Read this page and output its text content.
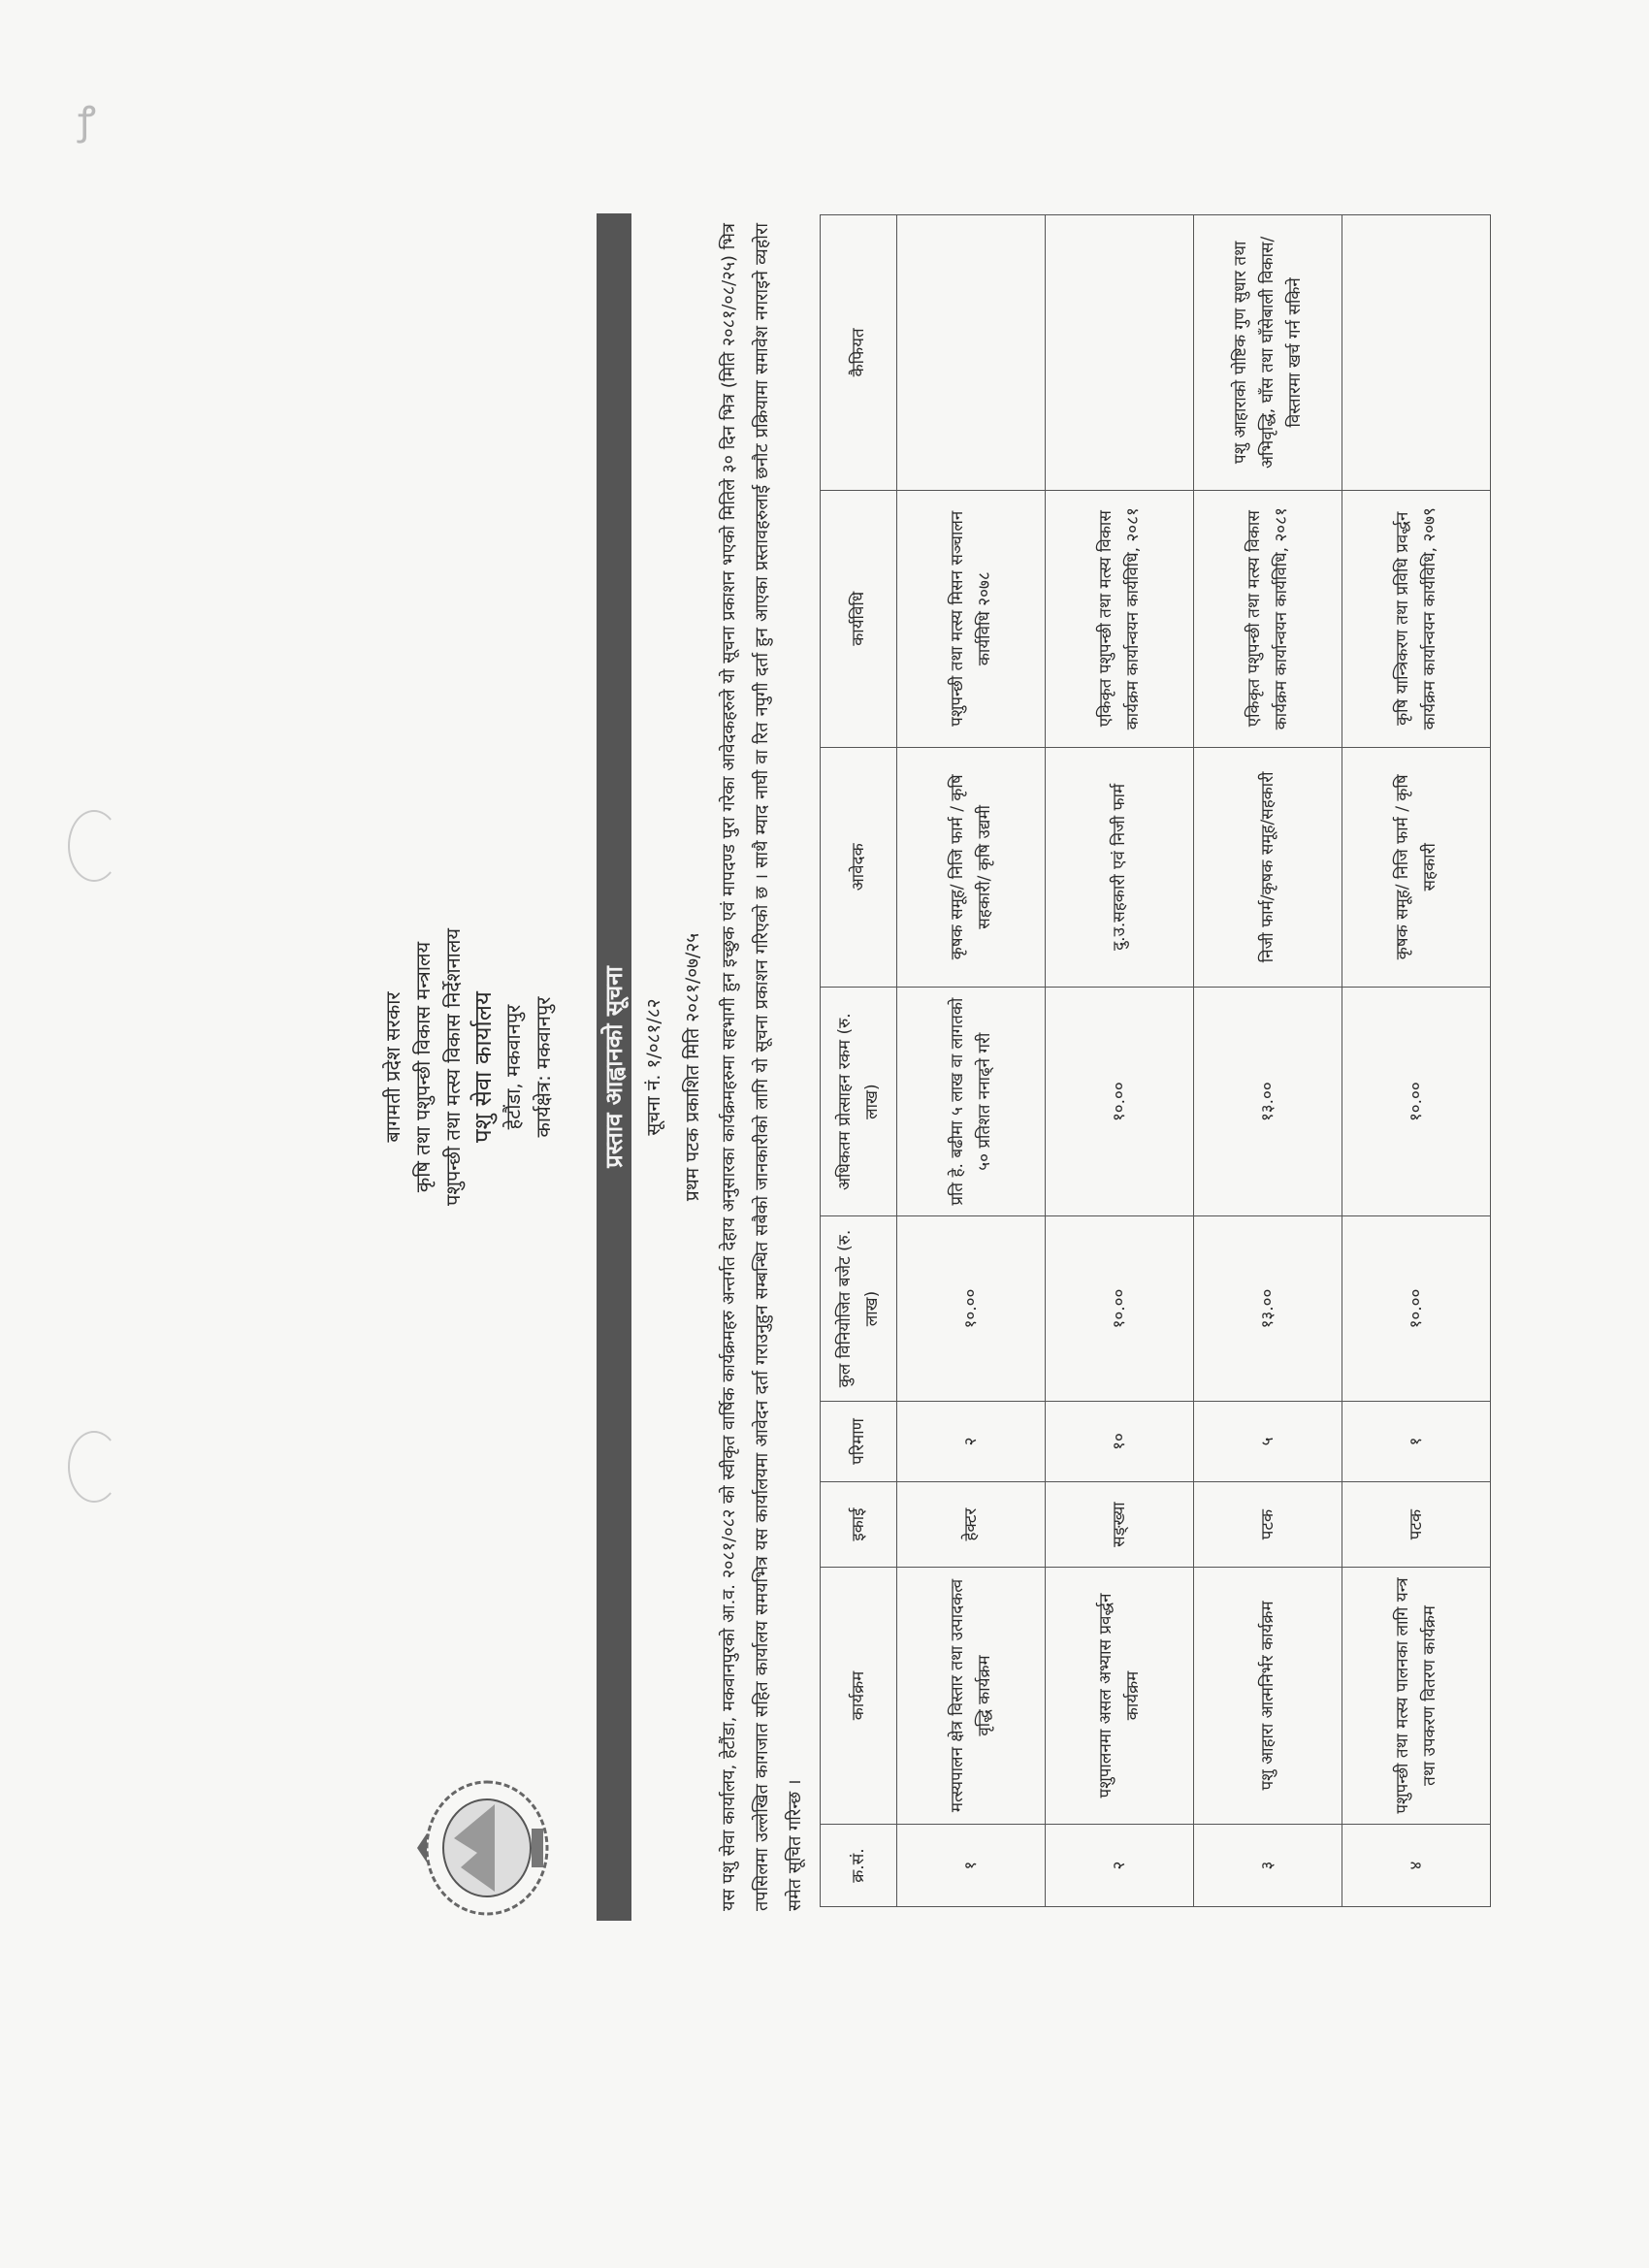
ꝭ
बागमती प्रदेश सरकार कृषि तथा पशुपन्छी विकास मन्त्रालय पशुपन्छी तथा मत्स्य विकास निर्देशनालय पशु सेवा कार्यालय हेटौंडा, मकवानपुर कार्यक्षेत्र: मकवानपुर प्रस्ताव आह्वानको सूचना सूचना नं. १/०८१/८२ प्रथम पटक प्रकाशित मिति २०८१/०७/२५ यस पशु सेवा कार्यालय, हेटौंडा, मकवानपुरको आ.व. २०८१/०८२ को स्वीकृत वार्षिक कार्यक्रमहरु अन्तर्गत देहाय अनुसारका कार्यक्रमहरुमा सहभागी हुन इच्छुक एवं मापदण्ड पुरा गरेका आवेदकहरुले यो सूचना प्रकाशन भएको मितिले ३० दिन भित्र (मिति २०८१/०८/२५) भित्र तपसिलमा उल्लेखित कागजात सहित कार्यालय समयभित्र यस कार्यालयमा आवेदन दर्ता गराउनुहुन सम्बन्धित सबैको जानकारीको लागि यो सूचना प्रकाशन गरिएको छ । साथै म्याद नाघी वा रित नपुगी दर्ता हुन आएका प्रस्तावहरुलाई छनौट प्रक्रियामा समावेश नगराइने व्यहोरा समेत सूचित गरिन्छ ।	क्र.सं.	कार्यक्रम	इकाई	परिमाण	कुल विनियोजित बजेट (रु. लाख)	अधिकतम प्रोत्साहन रकम (रु. लाख)	आवेदक	कार्यविधि	कैफियत
१	मत्स्यपालन क्षेत्र विस्तार तथा उत्पादकत्व वृद्धि कार्यक्रम	हेक्टर	२	१०.००	प्रति हे. बढीमा ५ लाख वा लागतको ५० प्रतिशत ननाढ्ने गरी	कृषक समूह/ निजि फार्म / कृषि सहकारी/ कृषि उद्यमी	पशुपन्छी तथा मत्स्य मिसन सञ्चालन कार्यविधि २०७८	
२	पशुपालनमा असल अभ्यास प्रवर्द्धन कार्यक्रम	सङ्ख्या	१०	१०.००	१०.००	दु.उ.सहकारी एवं निजी फार्म	एकिकृत पशुपन्छी तथा मत्स्य विकास कार्यक्रम कार्यान्वयन कार्यविधि, २०८१	
३	पशु आहारा आत्मनिर्भर कार्यक्रम	पटक	५	१३.००	१३.००	निजी फार्म/कृषक समूह/सहकारी	एकिकृत पशुपन्छी तथा मत्स्य विकास कार्यक्रम कार्यान्वयन कार्यविधि, २०८१	पशु आहाराको पोष्टिक गुण सुधार तथा अभिवृद्धि, घाँस तथा घाँसेबाली विकास/ विस्तारमा खर्च गर्न सकिने
४	पशुपन्छी तथा मत्स्य पालनका लागि यन्त्र तथा उपकरण वितरण कार्यक्रम	पटक	१	१०.००	१०.००	कृषक समूह/ निजि फार्म / कृषि सहकारी	कृषि यान्त्रिकरण तथा प्रविधि प्रवर्द्धन कार्यक्रम कार्यान्वयन कार्यविधि, २०७९	
